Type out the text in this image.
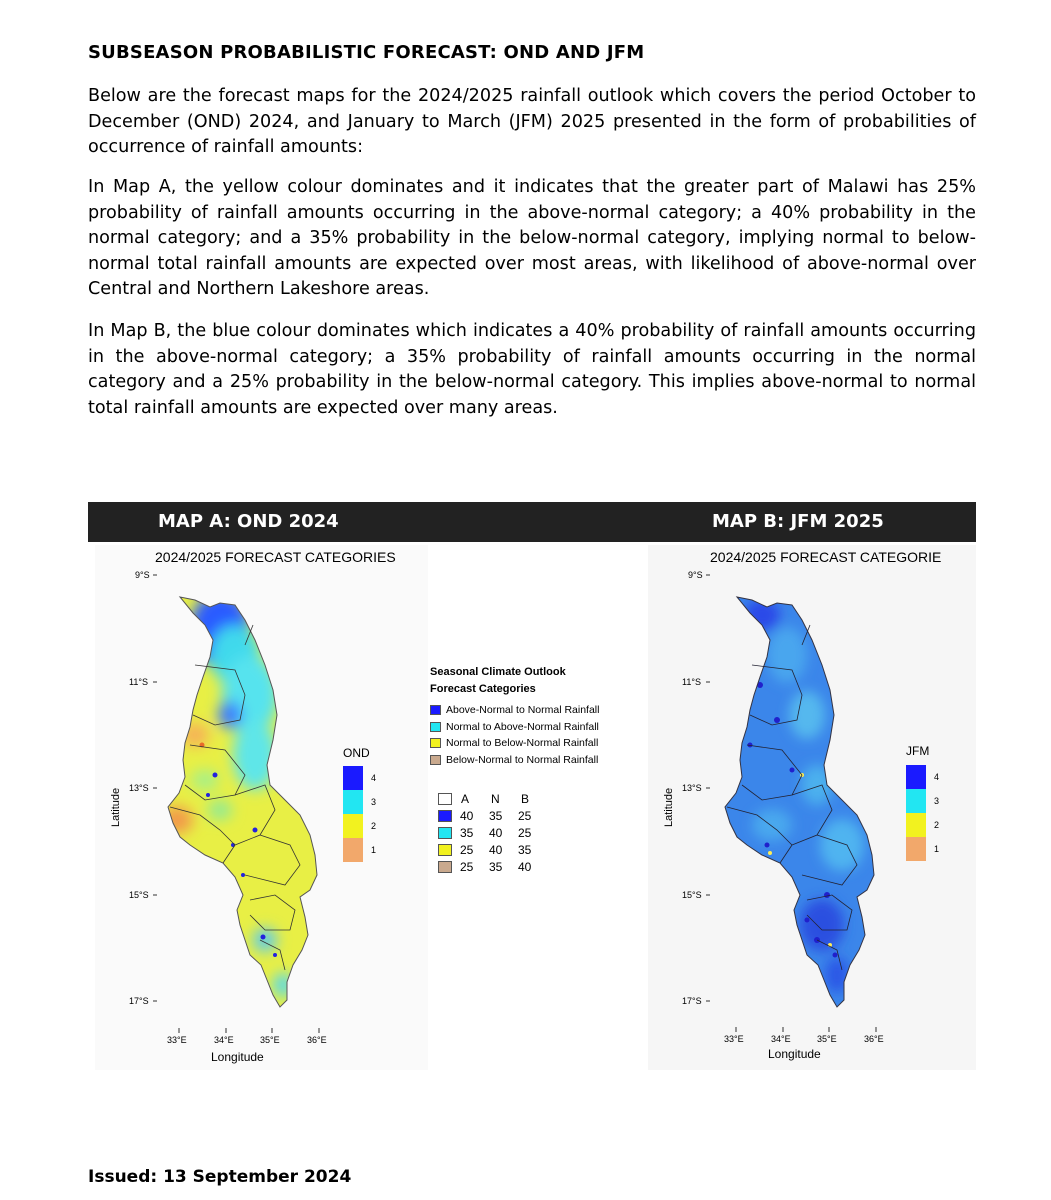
SUBSEASON PROBABILISTIC FORECAST: OND AND JFM

Below are the forecast maps for the 2024/2025 rainfall outlook which covers the period October to December (OND) 2024, and January to March (JFM) 2025 presented in the form of probabilities of occurrence of rainfall amounts:

In Map A, the yellow colour dominates and it indicates that the greater part of Malawi has 25% probability of rainfall amounts occurring in the above-normal category; a 40% probability in the normal category; and a 35% probability in the below-normal category, implying normal to below-normal total rainfall amounts are expected over most areas, with likelihood of above-normal over Central and Northern Lakeshore areas.

In Map B, the blue colour dominates which indicates a 40% probability of rainfall amounts occurring in the above-normal category; a 35% probability of rainfall amounts occurring in the normal category and a 25% probability in the below-normal category. This implies above-normal to normal total rainfall amounts are expected over many areas.

MAP A: OND 2024	MAP B: JFM 2025
2024/2025 FORECAST CATEGORIES
Latitude
Longitude
9°S
11°S
13°S
15°S
17°S
33°E	34°E	35°E	36°E
OND
4
3
2
1
Seasonal Climate Outlook
Forecast Categories
Above-Normal to Normal Rainfall
Normal to Above-Normal Rainfall
Normal to Below-Normal Rainfall
Below-Normal to Normal Rainfall
A	N	B
40	35	25
35	40	25
25	40	35
25	35	40
2024/2025 FORECAST CATEGORIE
Latitude
Longitude
9°S
11°S
13°S
15°S
17°S
33°E	34°E	35°E	36°E
JFM
4
3
2
1
Issued: 13 September 2024
